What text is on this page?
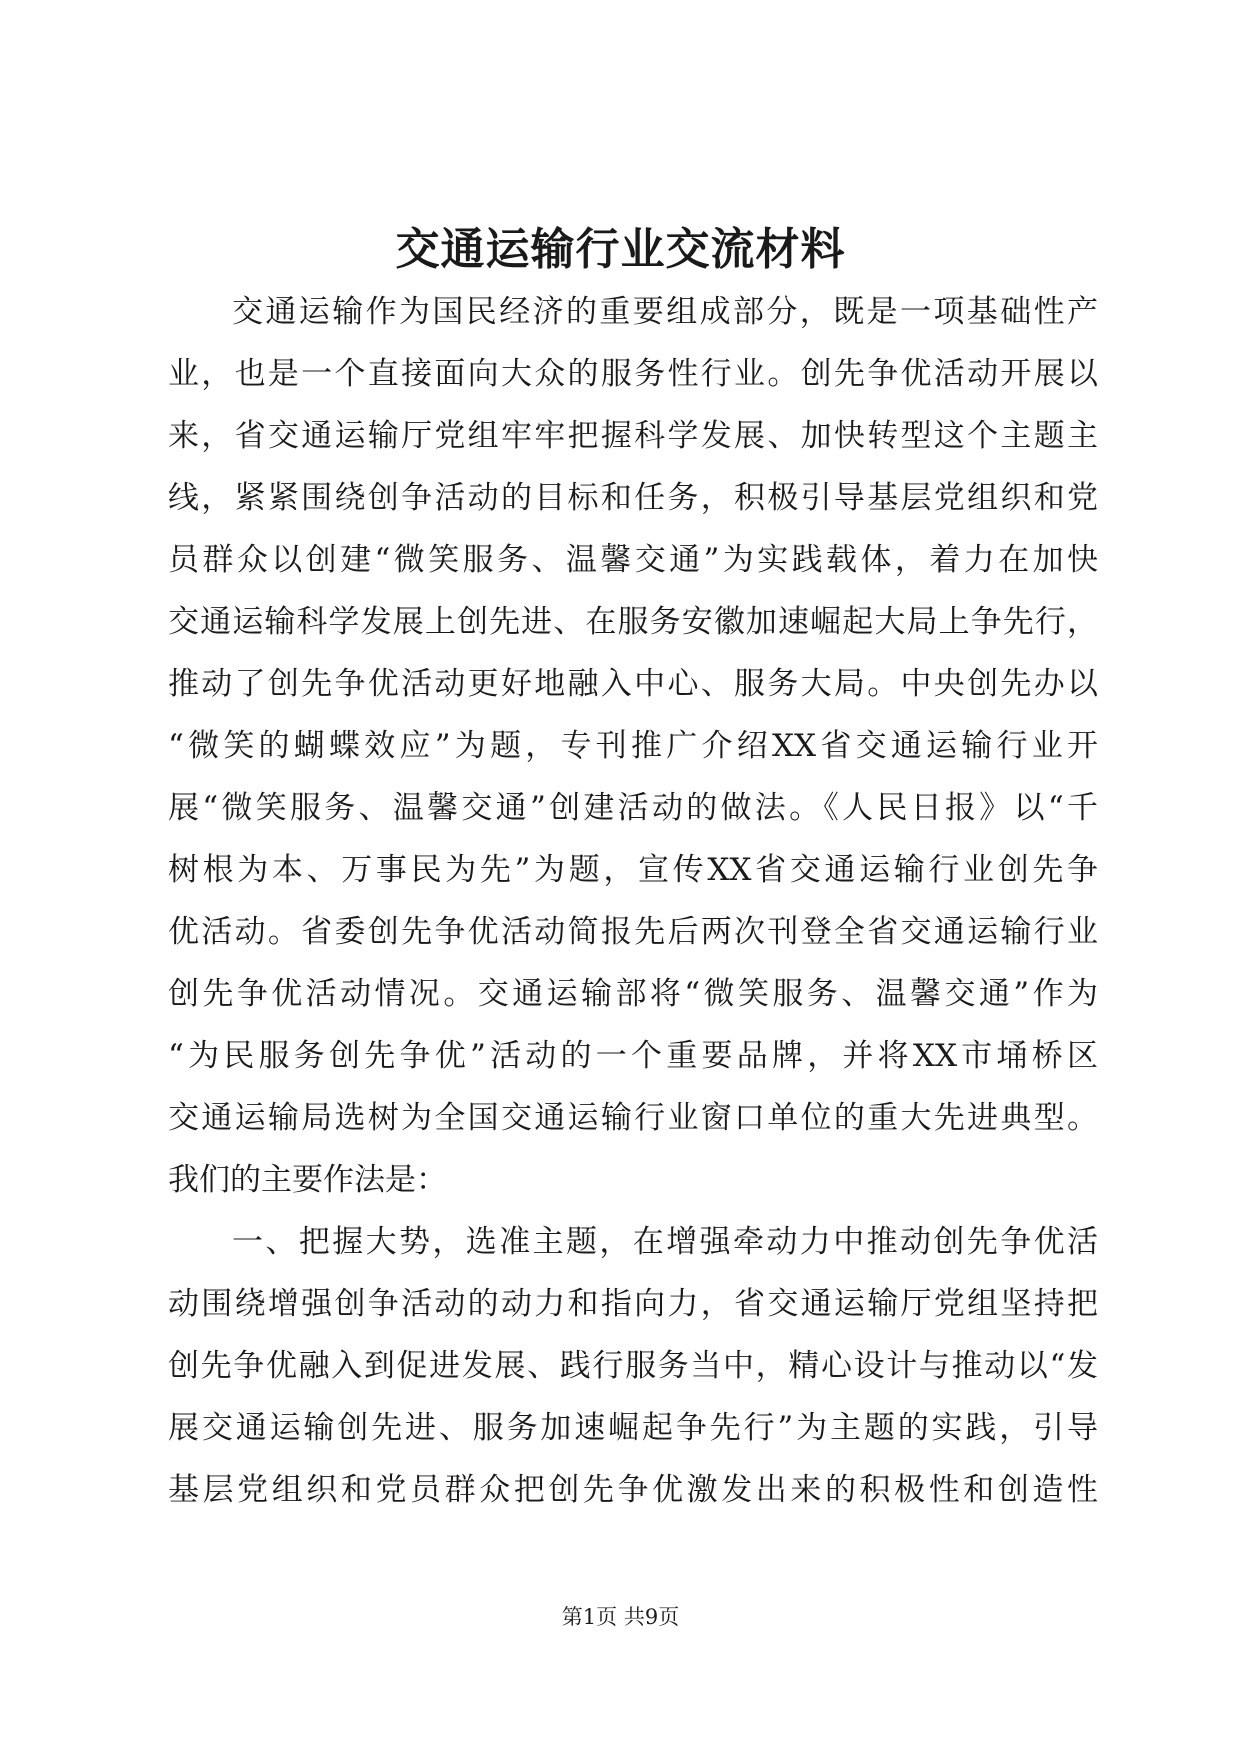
交通运输行业交流材料
交通运输作为国民经济的重要组成部分，既是一项基础性产
业，也是一个直接面向大众的服务性行业。创先争优活动开展以
来，省交通运输厅党组牢牢把握科学发展、加快转型这个主题主
线，紧紧围绕创争活动的目标和任务，积极引导基层党组织和党
员群众以创建“微笑服务、温馨交通”为实践载体，着力在加快
交通运输科学发展上创先进、在服务安徽加速崛起大局上争先行，
推动了创先争优活动更好地融入中心、服务大局。中央创先办以
“微笑的蝴蝶效应”为题，专刊推广介绍XX省交通运输行业开
展“微笑服务、温馨交通”创建活动的做法。《人民日报》以“千
树根为本、万事民为先”为题，宣传XX省交通运输行业创先争
优活动。省委创先争优活动简报先后两次刊登全省交通运输行业
创先争优活动情况。交通运输部将“微笑服务、温馨交通”作为
“为民服务创先争优”活动的一个重要品牌，并将XX市埇桥区
交通运输局选树为全国交通运输行业窗口单位的重大先进典型。
我们的主要作法是：
一、把握大势，选准主题，在增强牵动力中推动创先争优活
动围绕增强创争活动的动力和指向力，省交通运输厅党组坚持把
创先争优融入到促进发展、践行服务当中，精心设计与推动以“发
展交通运输创先进、服务加速崛起争先行”为主题的实践，引导
基层党组织和党员群众把创先争优激发出来的积极性和创造性
第1页 共9页
